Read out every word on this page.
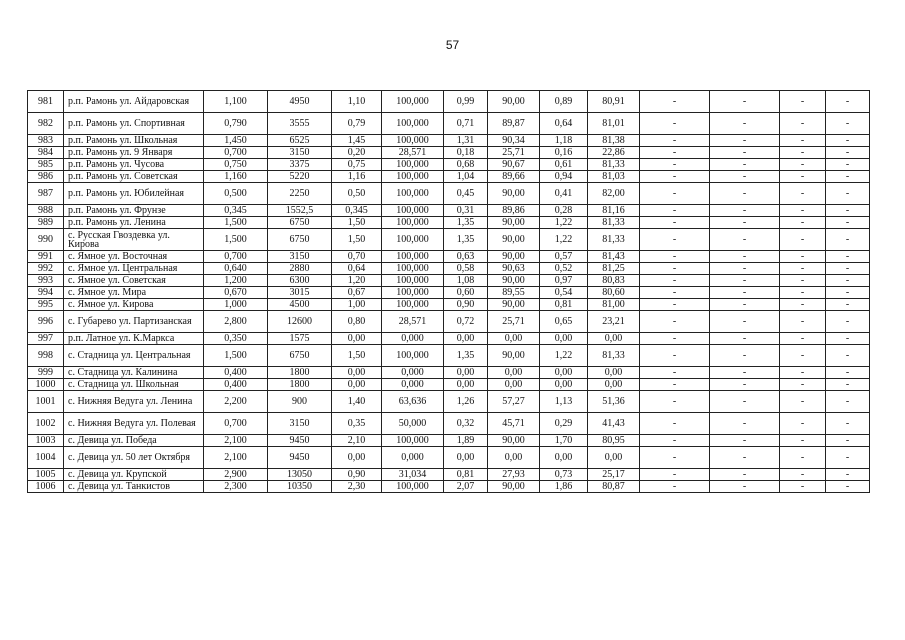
57
981	р.п. Рамонь ул. Айдаровская	1,100	4950	1,10	100,000	0,99	90,00	0,89	80,91	-	-	-	-
982	р.п. Рамонь ул. Спортивная	0,790	3555	0,79	100,000	0,71	89,87	0,64	81,01	-	-	-	-
983	р.п. Рамонь ул. Школьная	1,450	6525	1,45	100,000	1,31	90,34	1,18	81,38	-	-	-	-
984	р.п. Рамонь ул. 9 Января	0,700	3150	0,20	28,571	0,18	25,71	0,16	22,86	-	-	-	-
985	р.п. Рамонь ул. Чусова	0,750	3375	0,75	100,000	0,68	90,67	0,61	81,33	-	-	-	-
986	р.п. Рамонь ул. Советская	1,160	5220	1,16	100,000	1,04	89,66	0,94	81,03	-	-	-	-
987	р.п. Рамонь ул. Юбилейная	0,500	2250	0,50	100,000	0,45	90,00	0,41	82,00	-	-	-	-
988	р.п. Рамонь ул. Фрунзе	0,345	1552,5	0,345	100,000	0,31	89,86	0,28	81,16	-	-	-	-
989	р.п. Рамонь ул. Ленина	1,500	6750	1,50	100,000	1,35	90,00	1,22	81,33	-	-	-	-
990	с. Русская Гвоздевка ул. Кирова	1,500	6750	1,50	100,000	1,35	90,00	1,22	81,33	-	-	-	-
991	с. Ямное ул. Восточная	0,700	3150	0,70	100,000	0,63	90,00	0,57	81,43	-	-	-	-
992	с. Ямное ул. Центральная	0,640	2880	0,64	100,000	0,58	90,63	0,52	81,25	-	-	-	-
993	с. Ямное ул. Советская	1,200	6300	1,20	100,000	1,08	90,00	0,97	80,83	-	-	-	-
994	с. Ямное ул. Мира	0,670	3015	0,67	100,000	0,60	89,55	0,54	80,60	-	-	-	-
995	с. Ямное ул. Кирова	1,000	4500	1,00	100,000	0,90	90,00	0,81	81,00	-	-	-	-
996	с. Губарево ул. Партизанская	2,800	12600	0,80	28,571	0,72	25,71	0,65	23,21	-	-	-	-
997	р.п. Латное ул. К.Маркса	0,350	1575	0,00	0,000	0,00	0,00	0,00	0,00	-	-	-	-
998	с. Стадница ул. Центральная	1,500	6750	1,50	100,000	1,35	90,00	1,22	81,33	-	-	-	-
999	с. Стадница ул. Калинина	0,400	1800	0,00	0,000	0,00	0,00	0,00	0,00	-	-	-	-
1000	с. Стадница ул. Школьная	0,400	1800	0,00	0,000	0,00	0,00	0,00	0,00	-	-	-	-
1001	с. Нижняя Ведуга ул. Ленина	2,200	900	1,40	63,636	1,26	57,27	1,13	51,36	-	-	-	-
1002	с. Нижняя Ведуга ул. Полевая	0,700	3150	0,35	50,000	0,32	45,71	0,29	41,43	-	-	-	-
1003	с. Девица ул. Победа	2,100	9450	2,10	100,000	1,89	90,00	1,70	80,95	-	-	-	-
1004	с. Девица ул. 50 лет Октября	2,100	9450	0,00	0,000	0,00	0,00	0,00	0,00	-	-	-	-
1005	с. Девица ул. Крупской	2,900	13050	0,90	31,034	0,81	27,93	0,73	25,17	-	-	-	-
1006	с. Девица ул. Танкистов	2,300	10350	2,30	100,000	2,07	90,00	1,86	80,87	-	-	-	-
